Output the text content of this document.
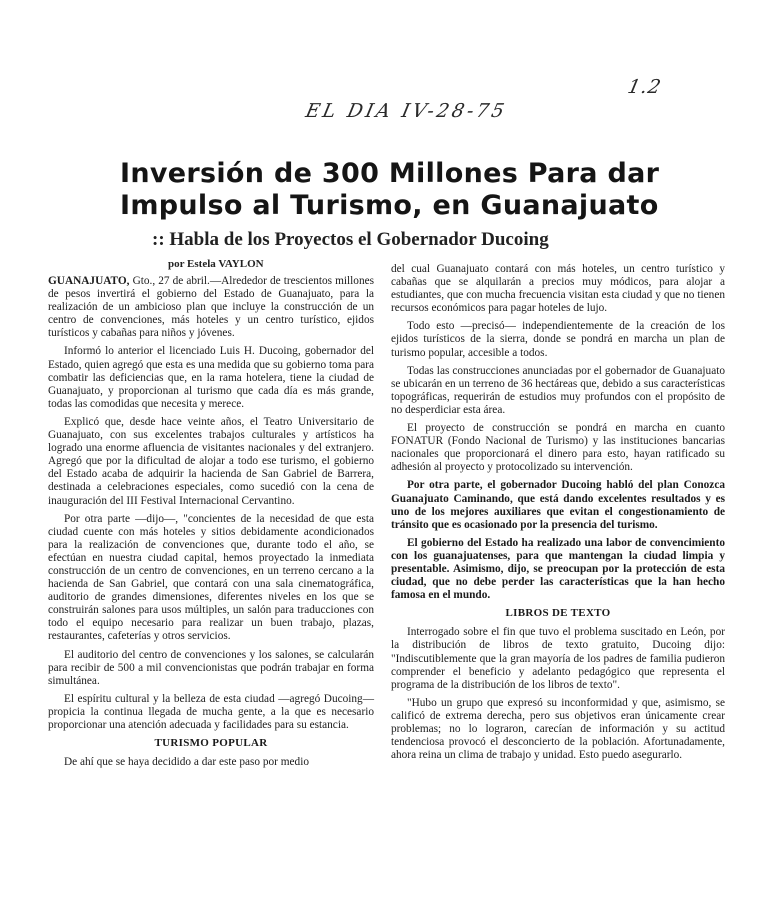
EL DIA IV-28-75
1.2
Inversión de 300 Millones Para dar
Impulso al Turismo, en Guanajuato
:: Habla de los Proyectos el Gobernador Ducoing
por Estela VAYLON

GUANAJUATO, Gto., 27 de abril.—Alrededor de trescientos millones de pesos invertirá el gobierno del Estado de Guanajuato, para la realización de un ambicioso plan que incluye la construcción de un centro de convenciones, más hoteles y un centro turístico, ejidos turísticos y cabañas para niños y jóvenes.

Informó lo anterior el licenciado Luis H. Ducoing, gobernador del Estado, quien agregó que esta es una medida que su gobierno toma para combatir las deficiencias que, en la rama hotelera, tiene la ciudad de Guanajuato, y proporcionan al turismo que cada día es más grande, todas las comodidas que necesita y merece.

Explicó que, desde hace veinte años, el Teatro Universitario de Guanajuato, con sus excelentes trabajos culturales y artísticos ha logrado una enorme afluencia de visitantes nacionales y del extranjero. Agregó que por la dificultad de alojar a todo ese turismo, el gobierno del Estado acaba de adquirir la hacienda de San Gabriel de Barrera, destinada a celebraciones especiales, como sucedió con la cena de inauguración del III Festival Internacional Cervantino.

Por otra parte —dijo—, "concientes de la necesidad de que esta ciudad cuente con más hoteles y sitios debidamente acondicionados para la realización de convenciones que, durante todo el año, se efectúan en nuestra ciudad capital, hemos proyectado la inmediata construcción de un centro de convenciones, en un terreno cercano a la hacienda de San Gabriel, que contará con una sala cinematográfica, auditorio de grandes dimensiones, diferentes niveles en los que se construirán salones para usos múltiples, un salón para traducciones con todo el equipo necesario para realizar un buen trabajo, plazas, restaurantes, cafeterías y otros servicios.

El auditorio del centro de convenciones y los salones, se calcularán para recibir de 500 a mil convencionistas que podrán trabajar en forma simultánea.

El espíritu cultural y la belleza de esta ciudad —agregó Ducoing— propicia la continua llegada de mucha gente, a la que es necesario proporcionar una atención adecuada y facilidades para su estancia.

TURISMO POPULAR

De ahí que se haya decidido a dar este paso por medio

del cual Guanajuato contará con más hoteles, un centro turístico y cabañas que se alquilarán a precios muy módicos, para alojar a estudiantes, que con mucha frecuencia visitan esta ciudad y que no tienen recursos económicos para pagar hoteles de lujo.

Todo esto —precisó— independientemente de la creación de los ejidos turísticos de la sierra, donde se pondrá en marcha un plan de turismo popular, accesible a todos.

Todas las construcciones anunciadas por el gobernador de Guanajuato se ubicarán en un terreno de 36 hectáreas que, debido a sus características topográficas, requerirán de estudios muy profundos con el propósito de no desperdiciar esta área.

El proyecto de construcción se pondrá en marcha en cuanto FONATUR (Fondo Nacional de Turismo) y las instituciones bancarias nacionales que proporcionará el dinero para esto, hayan ratificado su adhesión al proyecto y protocolizado su intervención.

Por otra parte, el gobernador Ducoing habló del plan Conozca Guanajuato Caminando, que está dando excelentes resultados y es uno de los mejores auxiliares que evitan el congestionamiento de tránsito que es ocasionado por la presencia del turismo.

El gobierno del Estado ha realizado una labor de convencimiento con los guanajuatenses, para que mantengan la ciudad limpia y presentable. Asimismo, dijo, se preocupan por la protección de esta ciudad, que no debe perder las características que la han hecho famosa en el mundo.

LIBROS DE TEXTO

Interrogado sobre el fin que tuvo el problema suscitado en León, por la distribución de libros de texto gratuito, Ducoing dijo: "Indiscutiblemente que la gran mayoría de los padres de familia pudieron comprender el beneficio y adelanto pedagógico que representa el programa de la distribución de los libros de texto".

"Hubo un grupo que expresó su inconformidad y que, asimismo, se calificó de extrema derecha, pero sus objetivos eran únicamente crear problemas; no lo lograron, carecían de información y su actitud tendenciosa provocó el desconcierto de la población. Afortunadamente, ahora reina un clima de trabajo y unidad. Esto puedo asegurarlo.
